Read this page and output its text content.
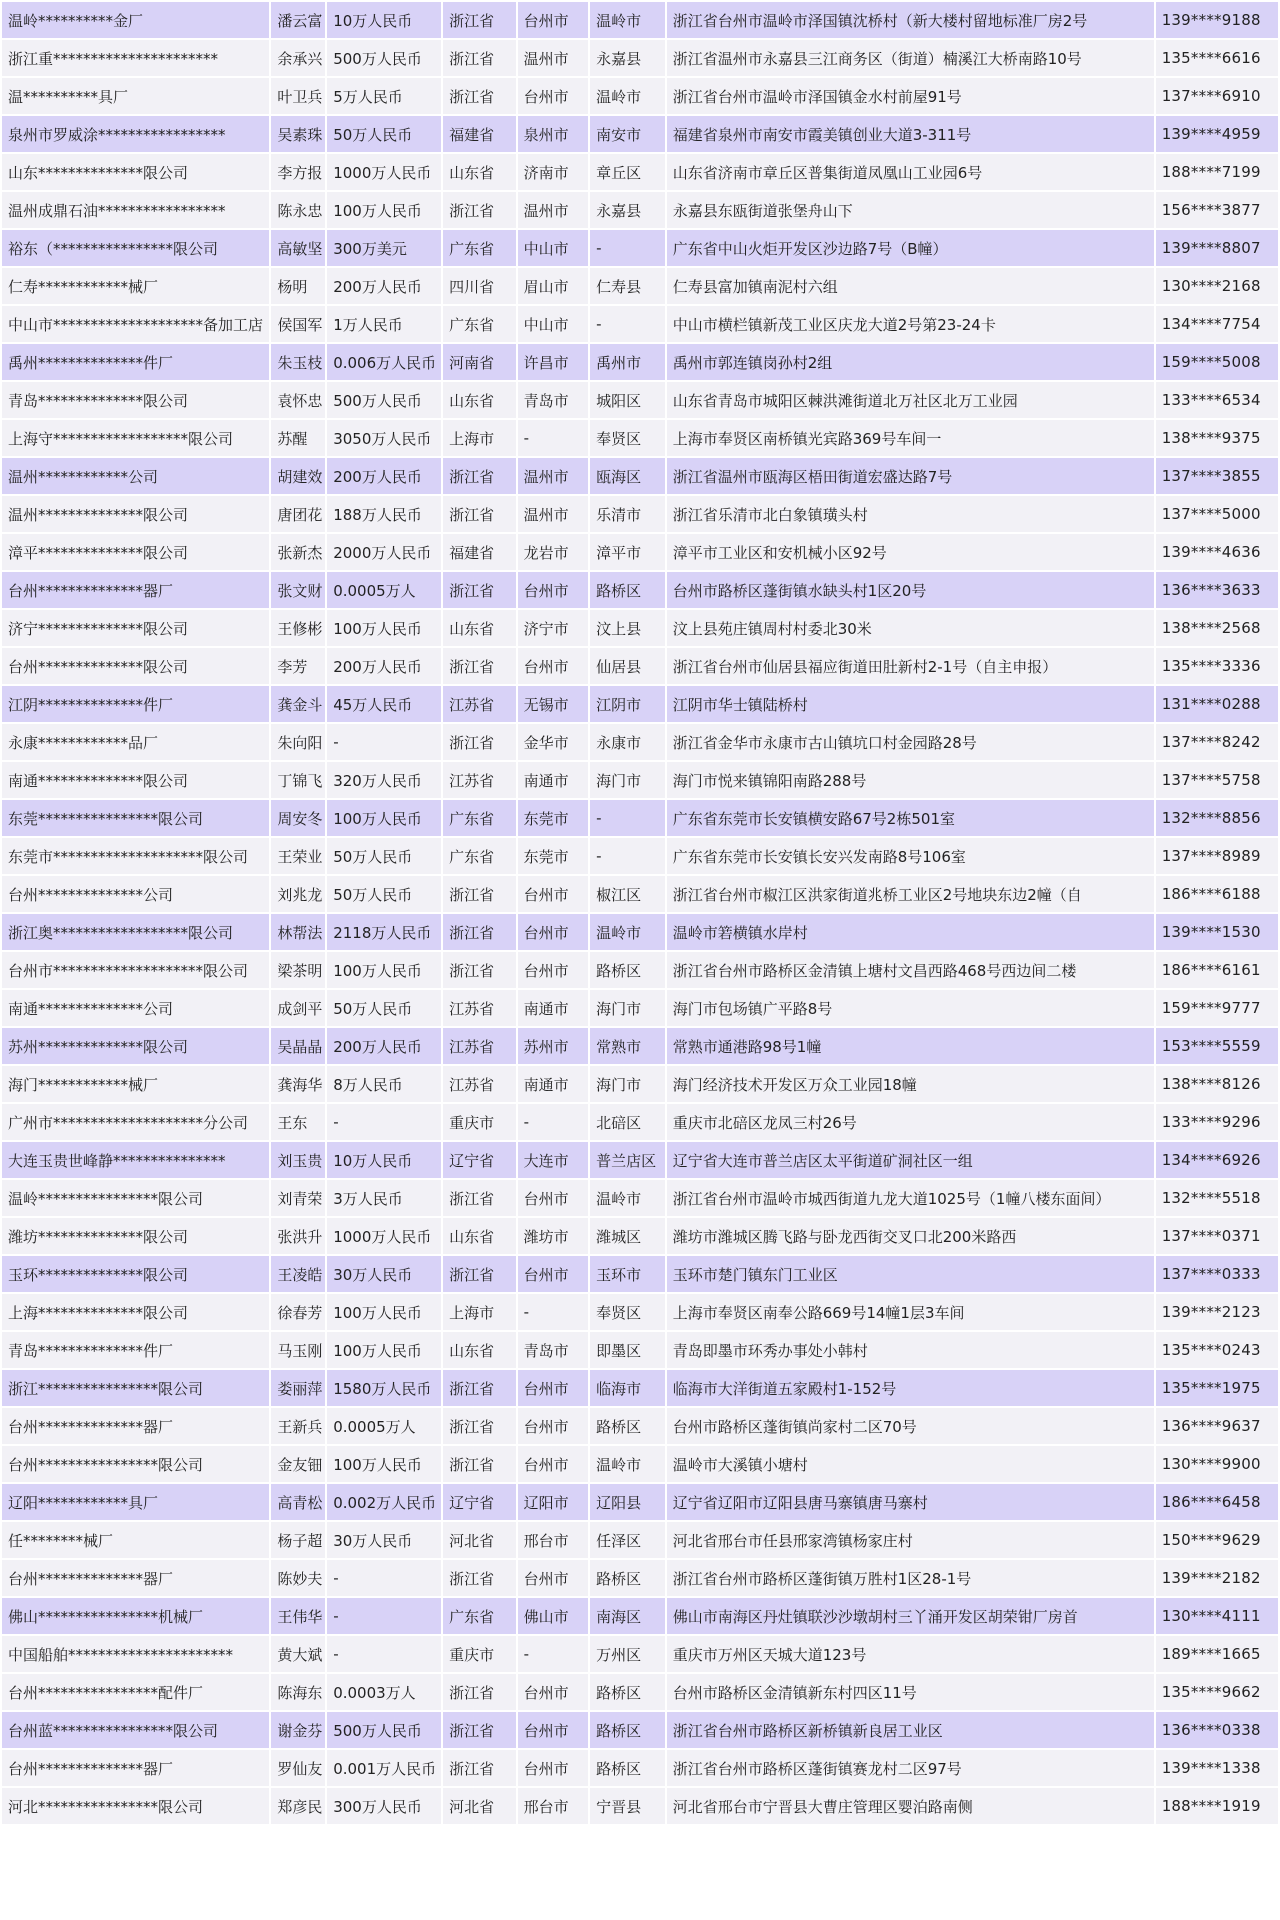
温岭**********金厂	潘云富	10万人民币	浙江省	台州市	温岭市	浙江省台州市温岭市泽国镇沈桥村（新大楼村留地标准厂房2号	139****9188
浙江重**********************	余承兴	500万人民币	浙江省	温州市	永嘉县	浙江省温州市永嘉县三江商务区（街道）楠溪江大桥南路10号	135****6616
温**********具厂	叶卫兵	5万人民币	浙江省	台州市	温岭市	浙江省台州市温岭市泽国镇金水村前屋91号	137****6910
泉州市罗威涂*****************	吴素珠	50万人民币	福建省	泉州市	南安市	福建省泉州市南安市霞美镇创业大道3-311号	139****4959
山东**************限公司	李方报	1000万人民币	山东省	济南市	章丘区	山东省济南市章丘区普集街道凤凰山工业园6号	188****7199
温州成鼎石油*****************	陈永忠	100万人民币	浙江省	温州市	永嘉县	永嘉县东瓯街道张堡舟山下	156****3877
裕东（****************限公司	高敏坚	300万美元	广东省	中山市	-	广东省中山火炬开发区沙边路7号（B幢）	139****8807
仁寿************械厂	杨明	200万人民币	四川省	眉山市	仁寿县	仁寿县富加镇南泥村六组	130****2168
中山市********************备加工店	侯国军	1万人民币	广东省	中山市	-	中山市横栏镇新茂工业区庆龙大道2号第23-24卡	134****7754
禹州**************件厂	朱玉枝	0.006万人民币	河南省	许昌市	禹州市	禹州市郭连镇岗孙村2组	159****5008
青岛**************限公司	袁怀忠	500万人民币	山东省	青岛市	城阳区	山东省青岛市城阳区棘洪滩街道北万社区北万工业园	133****6534
上海守******************限公司	苏醒	3050万人民币	上海市	-	奉贤区	上海市奉贤区南桥镇光宾路369号车间一	138****9375
温州************公司	胡建效	200万人民币	浙江省	温州市	瓯海区	浙江省温州市瓯海区梧田街道宏盛达路7号	137****3855
温州**************限公司	唐团花	188万人民币	浙江省	温州市	乐清市	浙江省乐清市北白象镇璜头村	137****5000
漳平**************限公司	张新杰	2000万人民币	福建省	龙岩市	漳平市	漳平市工业区和安机械小区92号	139****4636
台州**************器厂	张文财	0.0005万人	浙江省	台州市	路桥区	台州市路桥区蓬街镇水缺头村1区20号	136****3633
济宁**************限公司	王修彬	100万人民币	山东省	济宁市	汶上县	汶上县苑庄镇周村村委北30米	138****2568
台州**************限公司	李芳	200万人民币	浙江省	台州市	仙居县	浙江省台州市仙居县福应街道田肚新村2-1号（自主申报）	135****3336
江阴**************件厂	龚金斗	45万人民币	江苏省	无锡市	江阴市	江阴市华士镇陆桥村	131****0288
永康************品厂	朱向阳	-	浙江省	金华市	永康市	浙江省金华市永康市古山镇坑口村金园路28号	137****8242
南通**************限公司	丁锦飞	320万人民币	江苏省	南通市	海门市	海门市悦来镇锦阳南路288号	137****5758
东莞****************限公司	周安冬	100万人民币	广东省	东莞市	-	广东省东莞市长安镇横安路67号2栋501室	132****8856
东莞市********************限公司	王荣业	50万人民币	广东省	东莞市	-	广东省东莞市长安镇长安兴发南路8号106室	137****8989
台州**************公司	刘兆龙	50万人民币	浙江省	台州市	椒江区	浙江省台州市椒江区洪家街道兆桥工业区2号地块东边2幢（自	186****6188
浙江奥******************限公司	林帮法	2118万人民币	浙江省	台州市	温岭市	温岭市箬横镇水岸村	139****1530
台州市********************限公司	梁茶明	100万人民币	浙江省	台州市	路桥区	浙江省台州市路桥区金清镇上塘村文昌西路468号西边间二楼	186****6161
南通**************公司	成剑平	50万人民币	江苏省	南通市	海门市	海门市包场镇广平路8号	159****9777
苏州**************限公司	吴晶晶	200万人民币	江苏省	苏州市	常熟市	常熟市通港路98号1幢	153****5559
海门************械厂	龚海华	8万人民币	江苏省	南通市	海门市	海门经济技术开发区万众工业园18幢	138****8126
广州市********************分公司	王东	-	重庆市	-	北碚区	重庆市北碚区龙凤三村26号	133****9296
大连玉贵世峰静***************	刘玉贵	10万人民币	辽宁省	大连市	普兰店区	辽宁省大连市普兰店区太平街道矿洞社区一组	134****6926
温岭****************限公司	刘青荣	3万人民币	浙江省	台州市	温岭市	浙江省台州市温岭市城西街道九龙大道1025号（1幢八楼东面间）	132****5518
潍坊**************限公司	张洪升	1000万人民币	山东省	潍坊市	潍城区	潍坊市潍城区腾飞路与卧龙西街交叉口北200米路西	137****0371
玉环**************限公司	王凌皓	30万人民币	浙江省	台州市	玉环市	玉环市楚门镇东门工业区	137****0333
上海**************限公司	徐春芳	100万人民币	上海市	-	奉贤区	上海市奉贤区南奉公路669号14幢1层3车间	139****2123
青岛**************件厂	马玉刚	100万人民币	山东省	青岛市	即墨区	青岛即墨市环秀办事处小韩村	135****0243
浙江****************限公司	娄丽萍	1580万人民币	浙江省	台州市	临海市	临海市大洋街道五家殿村1-152号	135****1975
台州**************器厂	王新兵	0.0005万人	浙江省	台州市	路桥区	台州市路桥区蓬街镇尚家村二区70号	136****9637
台州****************限公司	金友钿	100万人民币	浙江省	台州市	温岭市	温岭市大溪镇小塘村	130****9900
辽阳************具厂	高青松	0.002万人民币	辽宁省	辽阳市	辽阳县	辽宁省辽阳市辽阳县唐马寨镇唐马寨村	186****6458
任********械厂	杨子超	30万人民币	河北省	邢台市	任泽区	河北省邢台市任县邢家湾镇杨家庄村	150****9629
台州**************器厂	陈妙夫	-	浙江省	台州市	路桥区	浙江省台州市路桥区蓬街镇万胜村1区28-1号	139****2182
佛山****************机械厂	王伟华	-	广东省	佛山市	南海区	佛山市南海区丹灶镇联沙沙墩胡村三丫涌开发区胡荣钳厂房首	130****4111
中国船舶**********************	黄大斌	-	重庆市	-	万州区	重庆市万州区天城大道123号	189****1665
台州****************配件厂	陈海东	0.0003万人	浙江省	台州市	路桥区	台州市路桥区金清镇新东村四区11号	135****9662
台州蓝****************限公司	谢金芬	500万人民币	浙江省	台州市	路桥区	浙江省台州市路桥区新桥镇新良居工业区	136****0338
台州**************器厂	罗仙友	0.001万人民币	浙江省	台州市	路桥区	浙江省台州市路桥区蓬街镇赛龙村二区97号	139****1338
河北****************限公司	郑彦民	300万人民币	河北省	邢台市	宁晋县	河北省邢台市宁晋县大曹庄管理区婴泊路南侧	188****1919
